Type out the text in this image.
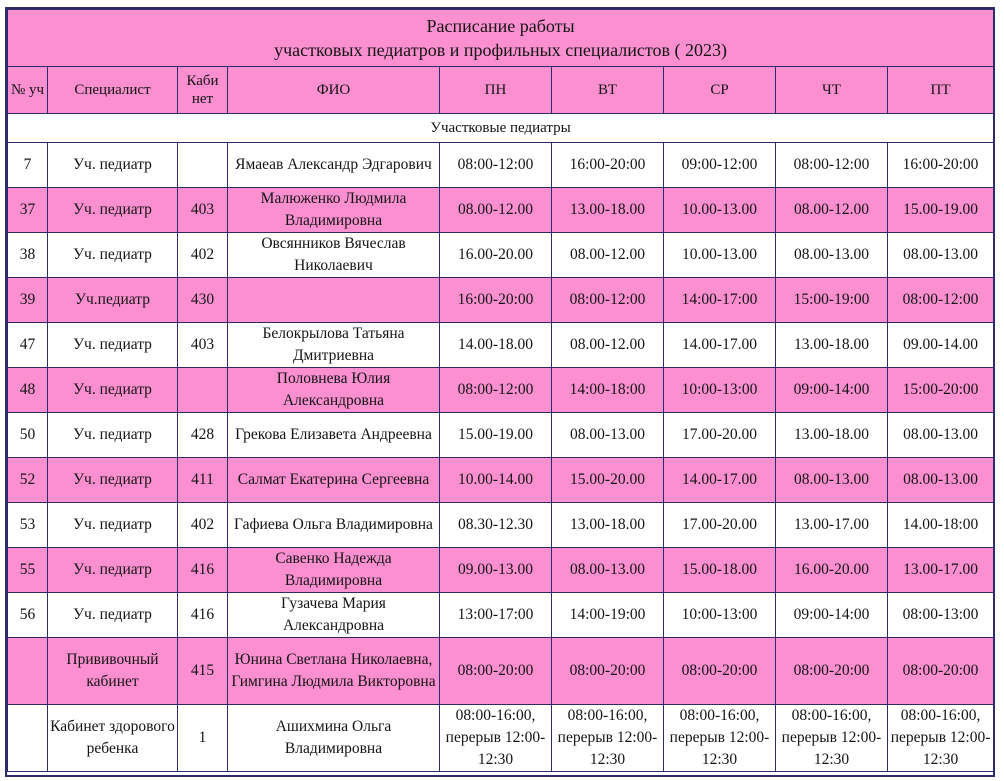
Расписание работы
участковых педиатров и профильных специалистов ( 2023)								

№ уч	Специалист	Каби нет	ФИО	ПН	ВТ	СР	ЧТ	ПТ
Участковые педиатры								
7	Уч. педиатр		Ямаеав Александр Эдгарович	08:00-12:00	16:00-20:00	09:00-12:00	08:00-12:00	16:00-20:00
37	Уч. педиатр	403	Малюженко Людмила Владимировна	08.00-12.00	13.00-18.00	10.00-13.00	08.00-12.00	15.00-19.00
38	Уч. педиатр	402	Овсянников Вячеслав Николаевич	16.00-20.00	08.00-12.00	10.00-13.00	08.00-13.00	08.00-13.00
39	Уч.педиатр	430		16:00-20:00	08:00-12:00	14:00-17:00	15:00-19:00	08:00-12:00
47	Уч. педиатр	403	Белокрылова Татьяна Дмитриевна	14.00-18.00	08.00-12.00	14.00-17.00	13.00-18.00	09.00-14.00
48	Уч. педиатр		Половнева Юлия Александровна	08:00-12:00	14:00-18:00	10:00-13:00	09:00-14:00	15:00-20:00
50	Уч. педиатр	428	Грекова Елизавета Андреевна	15.00-19.00	08.00-13.00	17.00-20.00	13.00-18.00	08.00-13.00
52	Уч. педиатр	411	Салмат Екатерина Сергеевна	10.00-14.00	15.00-20.00	14.00-17.00	08.00-13.00	08.00-13.00
53	Уч. педиатр	402	Гафиева Ольга Владимировна	08.30-12.30	13.00-18.00	17.00-20.00	13.00-17.00	14.00-18:00
55	Уч. педиатр	416	Савенко Надежда Владимировна	09.00-13.00	08.00-13.00	15.00-18.00	16.00-20.00	13.00-17.00
56	Уч. педиатр	416	Гузачева Мария Александровна	13:00-17:00	14:00-19:00	10:00-13:00	09:00-14:00	08:00-13:00
	Прививочный кабинет	415	Юнина Светлана Николаевна, Гимгина Людмила Викторовна	08:00-20:00	08:00-20:00	08:00-20:00	08:00-20:00	08:00-20:00
	Кабинет здорового ребенка	1	Ашихмина Ольга Владимировна	08:00-16:00, перерыв 12:00-12:30	08:00-16:00, перерыв 12:00-12:30	08:00-16:00, перерыв 12:00-12:30	08:00-16:00, перерыв 12:00-12:30	08:00-16:00, перерыв 12:00-12:30
